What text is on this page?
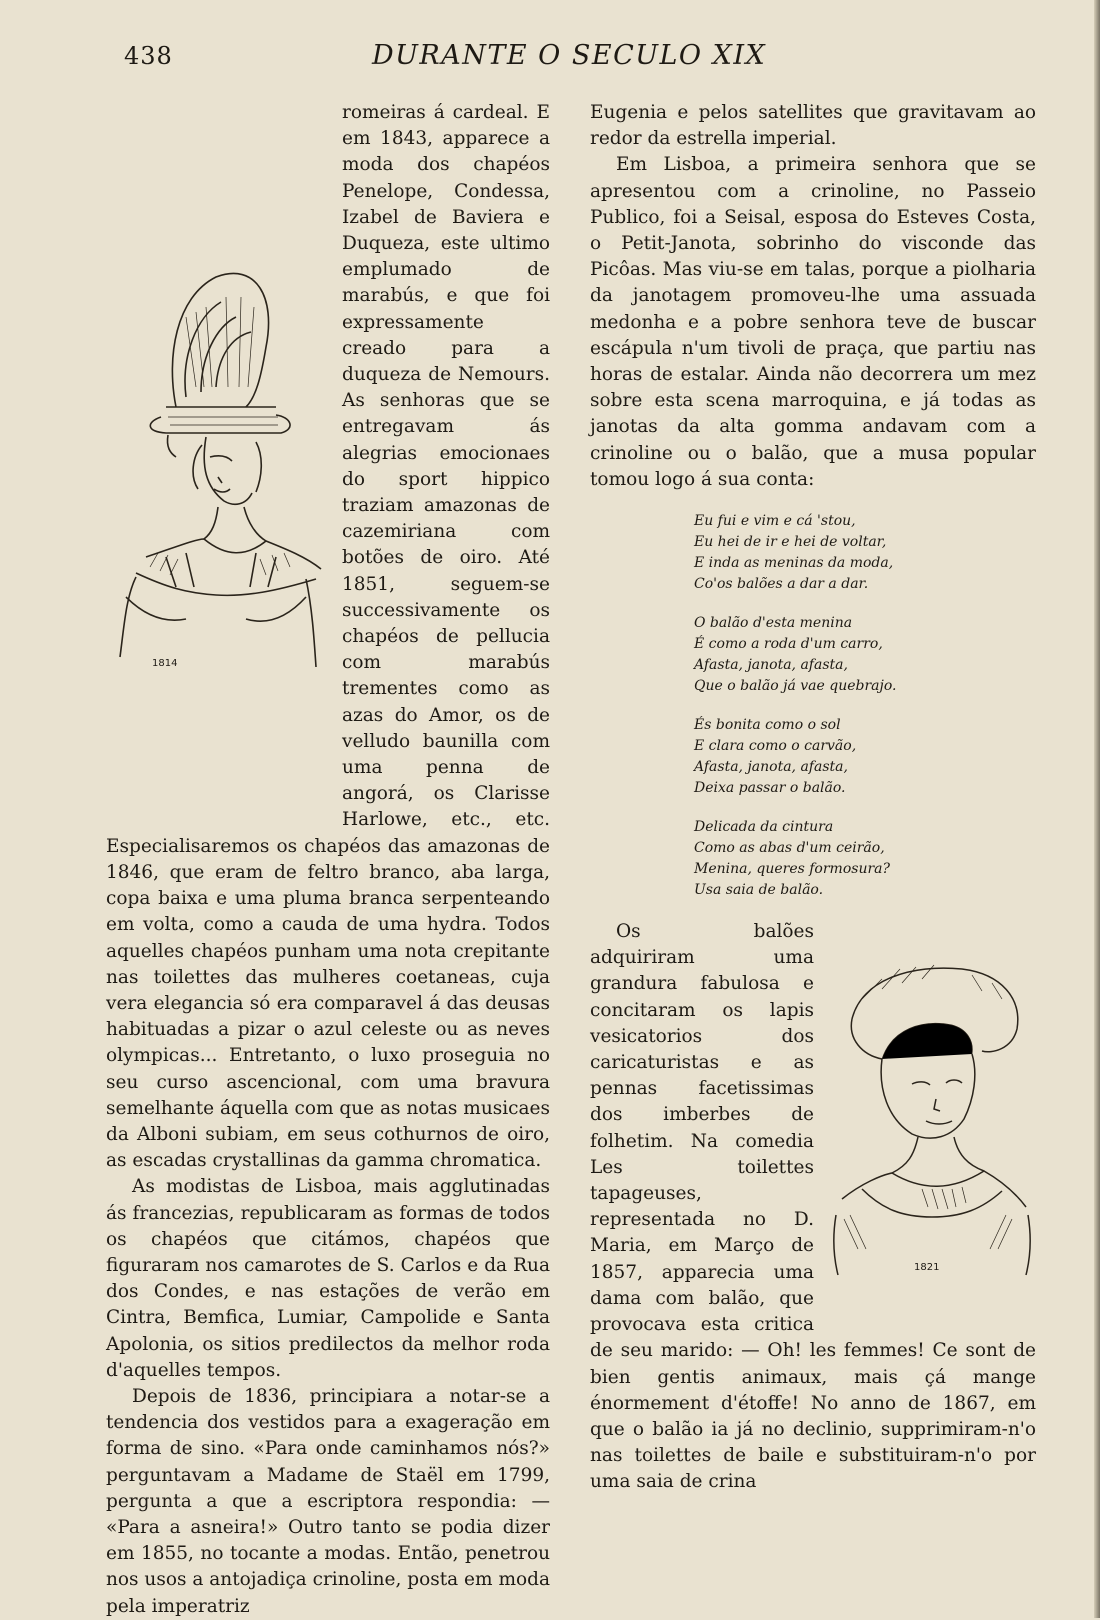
438	DURANTE O SECULO XIX

1814
romeiras á cardeal. E em 1843, apparece a moda dos chapéos Penelope, Condessa, Izabel de Baviera e Duqueza, este ultimo emplumado de marabús, e que foi expressamente creado para a duqueza de Nemours. As senhoras que se entregavam ás alegrias emocionaes do sport hippico traziam amazonas de cazemiriana com botões de oiro. Até 1851, seguem-se successivamente os chapéos de pellucia com marabús trementes como as azas do Amor, os de velludo baunilla com uma penna de angorá, os Clarisse Harlowe, etc., etc. Especialisaremos os chapéos das amazonas de 1846, que eram de feltro branco, aba larga, copa baixa e uma pluma branca serpenteando em volta, como a cauda de uma hydra. Todos aquelles chapéos punham uma nota crepitante nas toilettes das mulheres coetaneas, cuja vera elegancia só era comparavel á das deusas habituadas a pizar o azul celeste ou as neves olympicas... Entretanto, o luxo proseguia no seu curso ascencional, com uma bravura semelhante áquella com que as notas musicaes da Alboni subiam, em seus cothurnos de oiro, as escadas crystallinas da gamma chromatica.

As modistas de Lisboa, mais agglutinadas ás francezias, republicaram as formas de todos os chapéos que citámos, chapéos que figuraram nos camarotes de S. Carlos e da Rua dos Condes, e nas estações de verão em Cintra, Bemfica, Lumiar, Campolide e Santa Apolonia, os sitios predilectos da melhor roda d'aquelles tempos.

Depois de 1836, principiara a notar-se a tendencia dos vestidos para a exageração em forma de sino. «Para onde caminhamos nós?» perguntavam a Madame de Staël em 1799, pergunta a que a escriptora respondia: — «Para a asneira!» Outro tanto se podia dizer em 1855, no tocante a modas. Então, penetrou nos usos a antojadiça crinoline, posta em moda pela imperatriz

Eugenia e pelos satellites que gravitavam ao redor da estrella imperial.

Em Lisboa, a primeira senhora que se apresentou com a crinoline, no Passeio Publico, foi a Seisal, esposa do Esteves Costa, o Petit-Janota, sobrinho do visconde das Picôas. Mas viu-se em talas, porque a piolharia da janotagem promoveu-lhe uma assuada medonha e a pobre senhora teve de buscar escápula n'um tivoli de praça, que partiu nas horas de estalar. Ainda não decorrera um mez sobre esta scena marroquina, e já todas as janotas da alta gomma andavam com a crinoline ou o balão, que a musa popular tomou logo á sua conta:

Eu fui e vim e cá 'stou,
Eu hei de ir e hei de voltar,
E inda as meninas da moda,
Co'os balões a dar a dar.
O balão d'esta menina
É como a roda d'um carro,
Afasta, janota, afasta,
Que o balão já vae quebrajo.
És bonita como o sol
E clara como o carvão,
Afasta, janota, afasta,
Deixa passar o balão.
Delicada da cintura
Como as abas d'um ceirão,
Menina, queres formosura?
Usa saia de balão.

1821
Os balões adquiriram uma grandura fabulosa e concitaram os lapis vesicatorios dos caricaturistas e as pennas facetissimas dos imberbes de folhetim. Na comedia Les toilettes tapageuses, representada no D. Maria, em Março de 1857, apparecia uma dama com balão, que provocava esta critica de seu marido: — Oh! les femmes! Ce sont de bien gentis animaux, mais çá mange énormement d'étoffe! No anno de 1867, em que o balão ia já no declinio, supprimiram-n'o nas toilettes de baile e substituiram-n'o por uma saia de crina
